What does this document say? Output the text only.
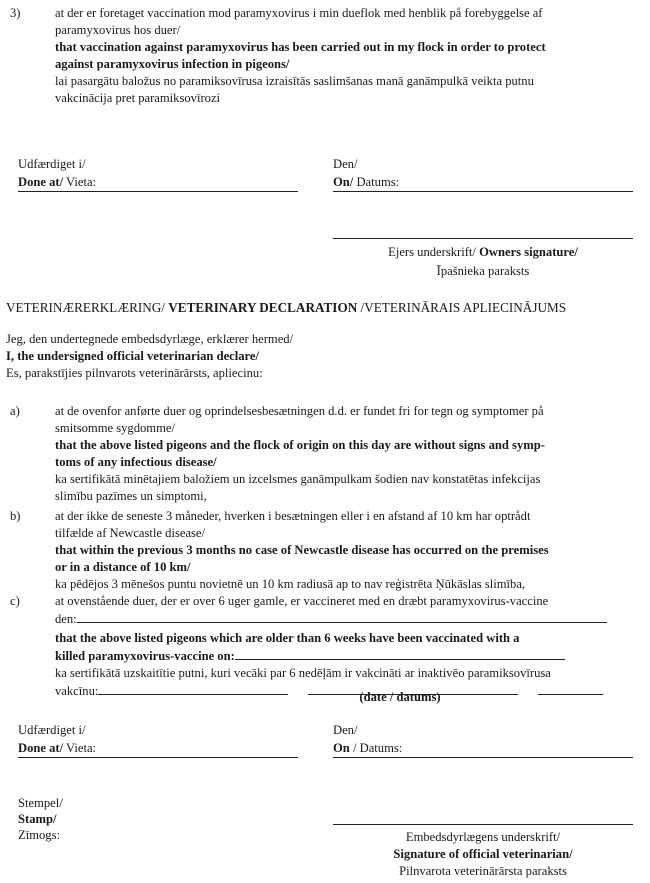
3)	at der er foretaget vaccination mod paramyxovirus i min dueflok med henblik på forebyggelse af
paramyxovirus hos duer/
that vaccination against paramyxovirus has been carried out in my flock in order to protect
against paramyxovirus infection in pigeons/
lai pasargātu baložus no paramiksovīrusa izraisītās saslimšanas manā ganāmpulkā veikta putnu
vakcinācija pret paramiksovīrozi
Udfærdiget i/
Done at/ Vieta:
Den/
On/ Datums:
Ejers underskrift/ Owners signature/
Īpašnieka paraksts
VETERINÆRERKLÆRING/ VETERINARY DECLARATION /VETERINĀRAIS APLIECINĀJUMS
Jeg, den undertegnede embedsdyrlæge, erklærer hermed/
I, the undersigned official veterinarian declare/
Es, parakstījies pilnvarots veterinārārsts, apliecinu:
a)	at de ovenfor anførte duer og oprindelsesbesætningen d.d. er fundet fri for tegn og symptomer på
smitsomme sygdomme/
that the above listed pigeons and the flock of origin on this day are without signs and symp-
toms of any infectious disease/
ka sertifikātā minētajiem baložiem un izcelsmes ganāmpulkam šodien nav konstatētas infekcijas
slimību pazīmes un simptomi,
b)	at der ikke de seneste 3 måneder, hverken i besætningen eller i en afstand af 10 km har optrådt
tilfælde af Newcastle disease/
that within the previous 3 months no case of Newcastle disease has occurred on the premises
or in a distance of 10 km/
ka pēdējos 3 mēnešos puntu novietnē un 10 km radiusā ap to nav reģistrēta Ņūkāslas slimība,
c)	at ovenstående duer, der er over 6 uger gamle, er vaccineret med en dræbt paramyxovirus-vaccine
den:
that the above listed pigeons which are older than 6 weeks have been vaccinated with a
killed paramyxovirus-vaccine on:
ka sertifikātā uzskaitītie putni, kuri vecāki par 6 nedēļām ir vakcināti ar inaktivēo paramiksovīrusa
vakcīnu:	(date / datums)
Udfærdiget i/
Done at/ Vieta:
Den/
On / Datums:
Stempel/
Stamp/
Zīmogs:	Embedsdyrlægens underskrift/
Signature of official veterinarian/
Pilnvarota veterinārārsta paraksts
